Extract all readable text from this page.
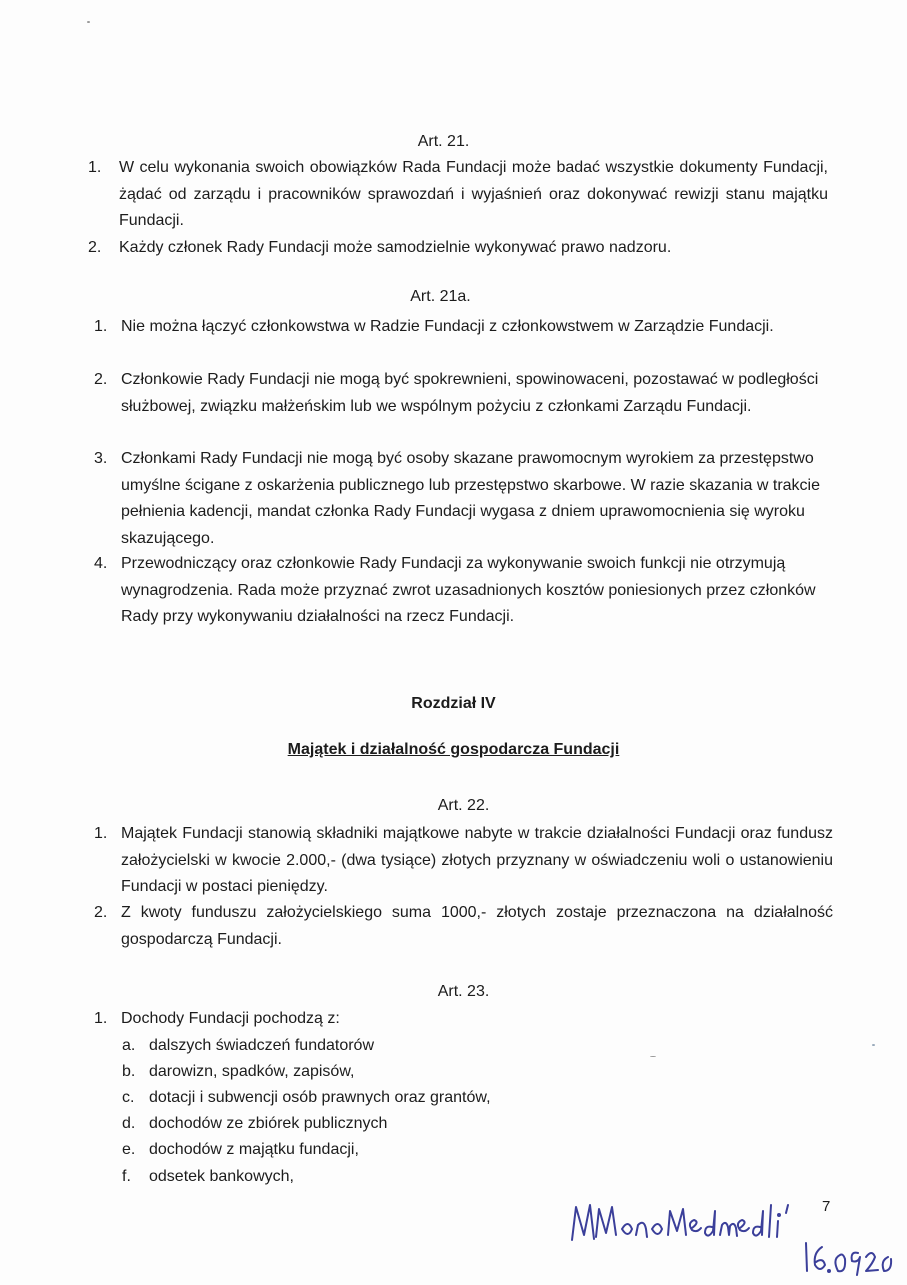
Art. 21.
1. W celu wykonania swoich obowiązków Rada Fundacji może badać wszystkie dokumenty Fundacji, żądać od zarządu i pracowników sprawozdań i wyjaśnień oraz dokonywać rewizji stanu majątku Fundacji.
2. Każdy członek Rady Fundacji może samodzielnie wykonywać prawo nadzoru.
Art. 21a.
1. Nie można łączyć członkowstwa w Radzie Fundacji z członkowstwem w Zarządzie Fundacji.
2. Członkowie Rady Fundacji nie mogą być spokrewnieni, spowinowaceni, pozostawać w podległości służbowej, związku małżeńskim lub we wspólnym pożyciu z członkami Zarządu Fundacji.
3. Członkami Rady Fundacji nie mogą być osoby skazane prawomocnym wyrokiem za przestępstwo umyślne ścigane z oskarżenia publicznego lub przestępstwo skarbowe. W razie skazania w trakcie pełnienia kadencji, mandat członka Rady Fundacji wygasa z dniem uprawomocnienia się wyroku skazującego.
4. Przewodniczący oraz członkowie Rady Fundacji za wykonywanie swoich funkcji nie otrzymują wynagrodzenia. Rada może przyznać zwrot uzasadnionych kosztów poniesionych przez członków Rady przy wykonywaniu działalności na rzecz Fundacji.
Rozdział IV
Majątek i działalność gospodarcza Fundacji
Art. 22.
1. Majątek Fundacji stanowią składniki majątkowe nabyte w trakcie działalności Fundacji oraz fundusz założycielski w kwocie 2.000,- (dwa tysiące) złotych przyznany w oświadczeniu woli o ustanowieniu Fundacji w postaci pieniędzy.
2. Z kwoty funduszu założycielskiego suma 1000,- złotych zostaje przeznaczona na działalność gospodarczą Fundacji.
Art. 23.
1. Dochody Fundacji pochodzą z:
a. dalszych świadczeń fundatorów
b. darowizn, spadków, zapisów,
c. dotacji i subwencji osób prawnych oraz grantów,
d. dochodów ze zbiórek publicznych
e. dochodów z majątku fundacji,
f. odsetek bankowych,
7
